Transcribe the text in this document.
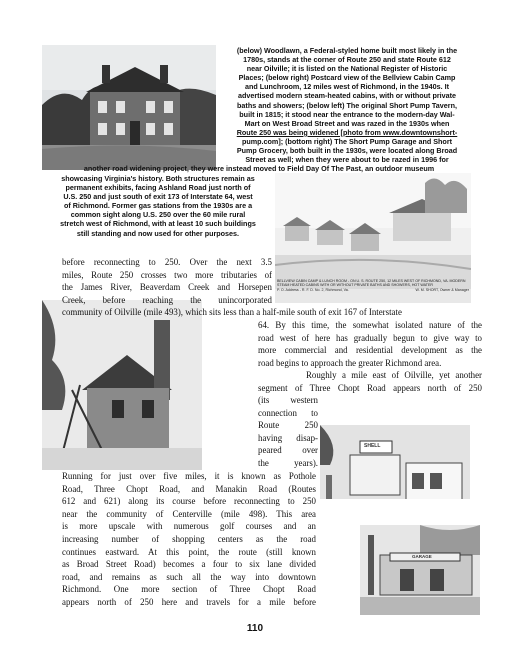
BELLVIEW CABIN CAMP & LUNCH ROOM - ON U. S. ROUTE 250, 12 MILES WEST OF RICHMOND, VA. MODERN STEAM HEATED CABINS WITH OR WITHOUT PRIVATE BATHS AND SHOWERS, HOT WATER
P. O. Address - R. F. D. No. 2, Richmond, Va.	W. M. SHORT, Owner & Manager
SHELL
GARAGE
(below) Woodlawn, a Federal-styled home built most likely in the
1780s, stands at the corner of Route 250 and state Route 612
near Oilville; it is listed on the National Register of Historic
Places; (below right) Postcard view of the Bellview Cabin Camp
and Lunchroom, 12 miles west of Richmond, in the 1940s. It
advertised modern steam-heated cabins, with or without private
baths and showers; (below left) The original Short Pump Tavern,
built in 1815; it stood near the entrance to the modern-day Wal-
Mart on West Broad Street and was razed in the 1930s when
Route 250 was being widened [photo from www.downtownshort-
pump.com]; (bottom right) The Short Pump Garage and Short
Pump Grocery, both built in the 1930s, were located along Broad
Street as well; when they were about to be razed in 1996 for
another road widening project, they were instead moved to Field Day Of The Past, an outdoor museum
showcasing Virginia's history. Both structures remain as
permanent exhibits, facing Ashland Road just north of
U.S. 250 and just south of exit 173 of Interstate 64, west
of Richmond. Former gas stations from the 1930s are a
common sight along U.S. 250 over the 60 mile rural
stretch west of Richmond, with at least 10 such buildings
still standing and now used for other purposes.

before reconnecting to 250. Over the next 3.5

miles, Route 250 crosses two more tributaries of

the James River, Beaverdam Creek and Horsepen

Creek, before reaching the unincorporated

community of Oilville (mile 493), which sits less than a half-mile south of exit 167 of Interstate

64. By this time, the somewhat isolated nature of the

road west of here has gradually begun to give way to

more commercial and residential development as the

road begins to approach the greater Richmond area.

Roughly a mile east of Oilville, yet another

segment of Three Chopt Road appears north of 250

(its western

connection to

Route 250

having disap-

peared over

the years).

Running for just over five miles, it is known as Pothole

Road, Three Chopt Road, and Manakin Road (Routes

612 and 621) along its course before reconnecting to 250

near the community of Centerville (mile 498). This area

is more upscale with numerous golf courses and an

increasing number of shopping centers as the road

continues eastward. At this point, the route (still known

as Broad Street Road) becomes a four to six lane divided

road, and remains as such all the way into downtown

Richmond. One more section of Three Chopt Road

appears north of 250 here and travels for a mile before

110
